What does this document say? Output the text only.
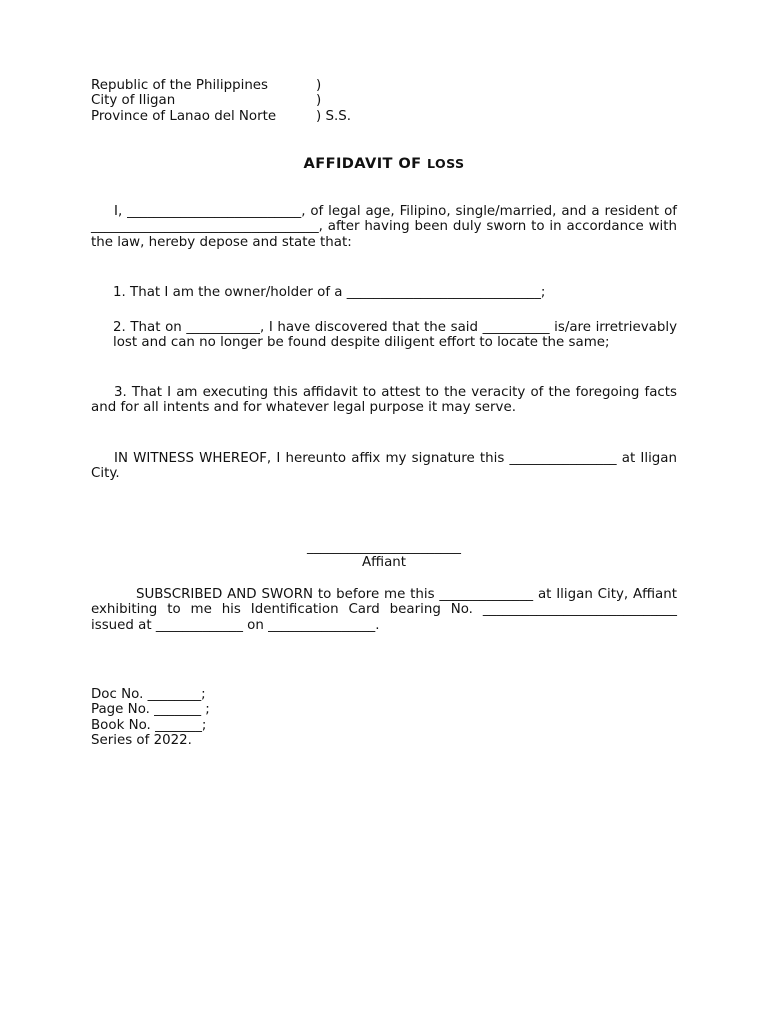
Republic of the Philippines	)
City of Iligan	)
Province of Lanao del Norte	) S.S.
AFFIDAVIT OF LOSS
I, __________________________, of legal age, Filipino, single/married, and a resident of
__________________________________, after having been duly sworn to in accordance with the law, hereby depose and state that:
1. That I am the owner/holder of a _____________________________;
2. That on ___________, I have discovered that the said __________ is/are irretrievably lost and can no longer be found despite diligent effort to locate the same;
3. That I am executing this affidavit to attest to the veracity of the foregoing facts and for all intents and for whatever legal purpose it may serve.
IN WITNESS WHEREOF, I hereunto affix my signature this ________________ at Iligan City.
_______________________
Affiant
SUBSCRIBED AND SWORN to before me this ______________ at Iligan City, Affiant exhibiting to me his Identification Card bearing No. _____________________________ issued at _____________ on ________________.
Doc No. ________;
Page No. _______ ;
Book No. _______;
Series of 2022.
